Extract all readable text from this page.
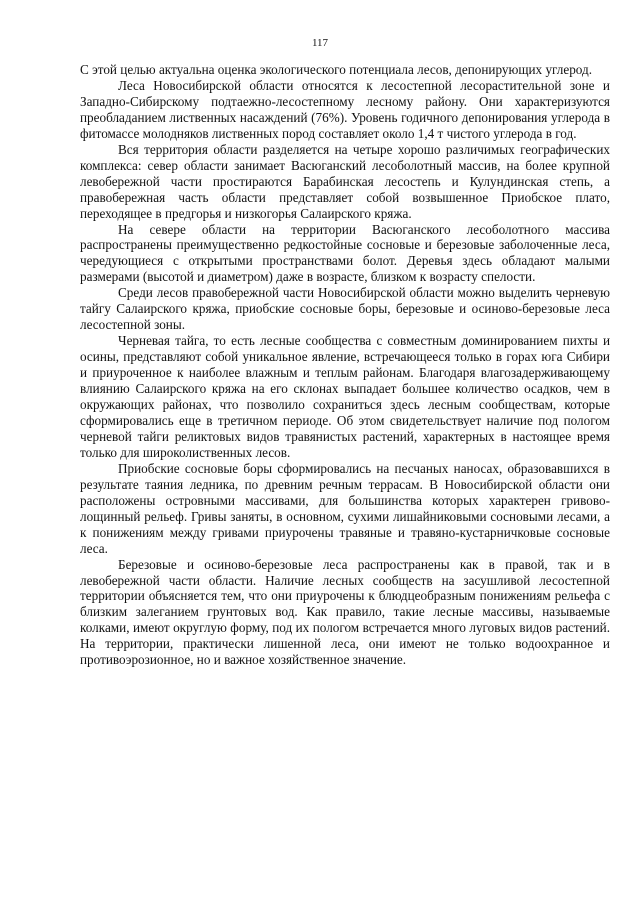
117

С этой целью актуальна оценка экологического потенциала лесов, депонирующих углерод.

Леса Новосибирской области относятся к лесостепной лесорастительной зоне и Западно-Сибирскому подтаежно-лесостепному лесному району. Они характеризуются преобладанием лиственных насаждений (76%). Уровень годичного депонирования углерода в фитомассе молодняков лиственных пород составляет около 1,4 т чистого углерода в год.

Вся территория области разделяется на четыре хорошо различимых географических комплекса: север области занимает Васюганский лесоболотный массив, на более крупной левобережной части простираются Барабинская лесостепь и Кулундинская степь, а правобережная часть области представляет собой возвышенное Приобское плато, переходящее в предгорья и низкогорья Салаирского кряжа.

На севере области на территории Васюганского лесоболотного массива распространены преимущественно редкостойные сосновые и березовые заболоченные леса, чередующиеся с открытыми пространствами болот. Деревья здесь обладают малыми размерами (высотой и диаметром) даже в возрасте, близком к возрасту спелости.

Среди лесов правобережной части Новосибирской области можно выделить черневую тайгу Салаирского кряжа, приобские сосновые боры, березовые и осиново-березовые леса лесостепной зоны.

Черневая тайга, то есть лесные сообщества с совместным доминированием пихты и осины, представляют собой уникальное явление, встречающееся только в горах юга Сибири и приуроченное к наиболее влажным и теплым районам. Благодаря влагозадерживающему влиянию Салаирского кряжа на его склонах выпадает большее количество осадков, чем в окружающих районах, что позволило сохраниться здесь лесным сообществам, которые сформировались еще в третичном периоде. Об этом свидетельствует наличие под пологом черневой тайги реликтовых видов травянистых растений, характерных в настоящее время только для широколиственных лесов.

Приобские сосновые боры сформировались на песчаных наносах, образовавшихся в результате таяния ледника, по древним речным террасам. В Новосибирской области они расположены островными массивами, для большинства которых характерен гривово-лощинный рельеф. Гривы заняты, в основном, сухими лишайниковыми сосновыми лесами, а к понижениям между гривами приурочены травяные и травяно-кустарничковые сосновые леса.

Березовые и осиново-березовые леса распространены как в правой, так и в левобережной части области. Наличие лесных сообществ на засушливой лесостепной территории объясняется тем, что они приурочены к блюдцеобразным понижениям рельефа с близким залеганием грунтовых вод. Как правило, такие лесные массивы, называемые колками, имеют округлую форму, под их пологом встречается много луговых видов растений. На территории, практически лишенной леса, они имеют не только водоохранное и противоэрозионное, но и важное хозяйственное значение.
